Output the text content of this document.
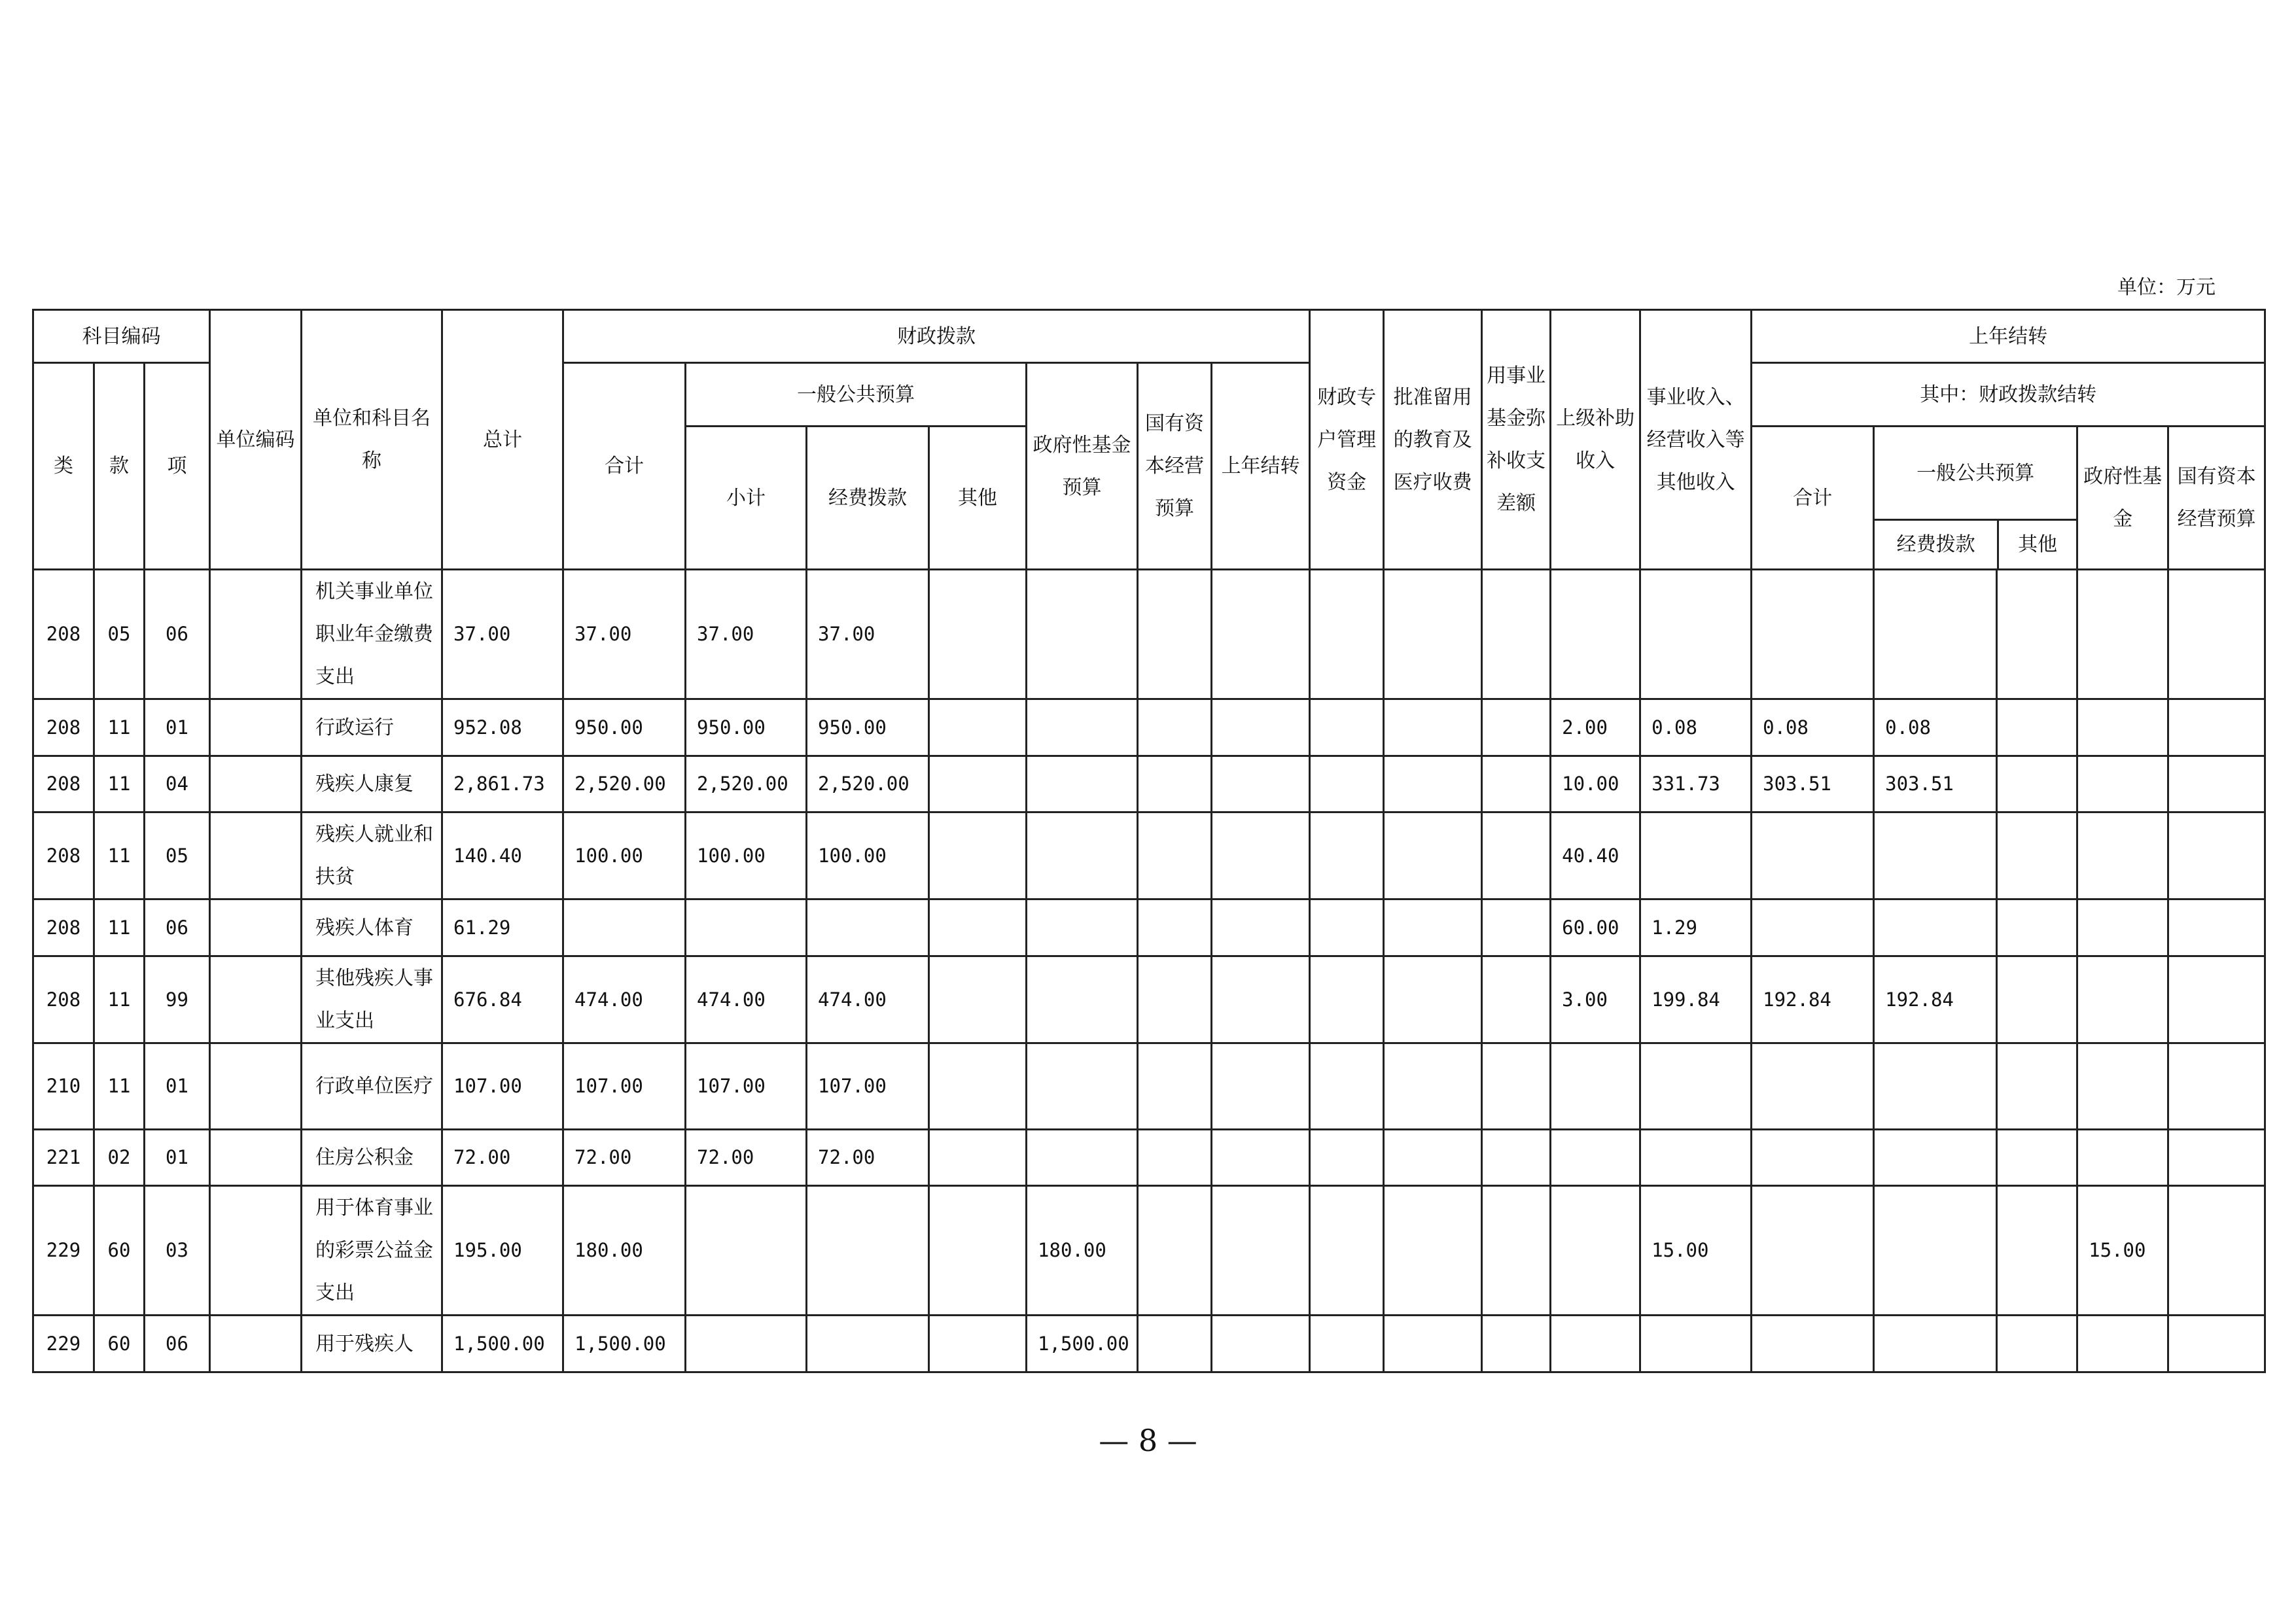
单位：万元
科目编码			单位编码	单位和科目名称	总计	财政拨款							财政专户管理资金	批准留用的教育及医疗收费	用事业基金弥补收支差额	上级补助收入	事业收入、经营收入等其他收入	上年结转				
类	款	项				合计	一般公共预算			政府性基金预算	国有资本经营预算	上年结转						其中：财政拨款结转				
							小计	经费拨款	其他									合计	一般公共预算
经费拨款 其他		政府性基金	国有资本经营预算
208	05	06		机关事业单位职业年金缴费支出	37.00	37.00	37.00	37.00														
208	11	01		行政运行	952.08	950.00	950.00	950.00								2.00	0.08	0.08	0.08			
208	11	04		残疾人康复	2,861.73	2,520.00	2,520.00	2,520.00								10.00	331.73	303.51	303.51			
208	11	05		残疾人就业和扶贫	140.40	100.00	100.00	100.00								40.40						
208	11	06		残疾人体育	61.29											60.00	1.29					
208	11	99		其他残疾人事业支出	676.84	474.00	474.00	474.00								3.00	199.84	192.84	192.84			
210	11	01		行政单位医疗	107.00	107.00	107.00	107.00														
221	02	01		住房公积金	72.00	72.00	72.00	72.00														
229	60	03		用于体育事业的彩票公益金支出	195.00	180.00				180.00							15.00				15.00	
229	60	06		用于残疾人	1,500.00	1,500.00				1,500.00												
— 8 —
